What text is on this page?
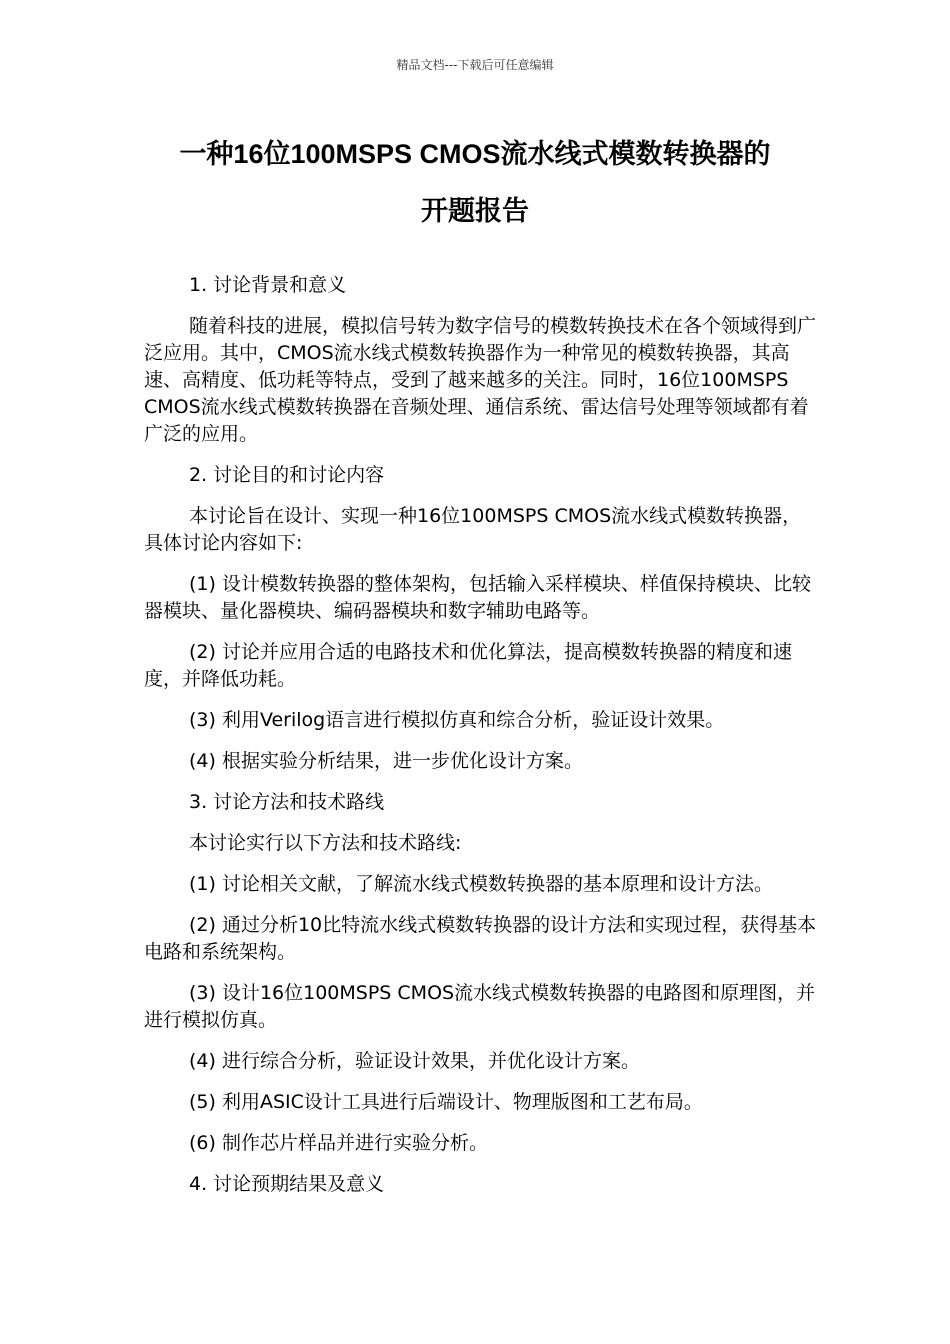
精品文档---下载后可任意编辑
一种16位100MSPS CMOS流水线式模数转换器的
开题报告

1. 讨论背景和意义

随着科技的进展，模拟信号转为数字信号的模数转换技术在各个领域得到广泛应用。其中，CMOS流水线式模数转换器作为一种常见的模数转换器，其高速、高精度、低功耗等特点，受到了越来越多的关注。同时，16位100MSPS CMOS流水线式模数转换器在音频处理、通信系统、雷达信号处理等领域都有着广泛的应用。

2. 讨论目的和讨论内容

本讨论旨在设计、实现一种16位100MSPS CMOS流水线式模数转换器，具体讨论内容如下:

(1) 设计模数转换器的整体架构，包括输入采样模块、样值保持模块、比较器模块、量化器模块、编码器模块和数字辅助电路等。

(2) 讨论并应用合适的电路技术和优化算法，提高模数转换器的精度和速度，并降低功耗。

(3) 利用Verilog语言进行模拟仿真和综合分析，验证设计效果。

(4) 根据实验分析结果，进一步优化设计方案。

3. 讨论方法和技术路线

本讨论实行以下方法和技术路线:

(1) 讨论相关文献，了解流水线式模数转换器的基本原理和设计方法。

(2) 通过分析10比特流水线式模数转换器的设计方法和实现过程，获得基本电路和系统架构。

(3) 设计16位100MSPS CMOS流水线式模数转换器的电路图和原理图，并进行模拟仿真。

(4) 进行综合分析，验证设计效果，并优化设计方案。

(5) 利用ASIC设计工具进行后端设计、物理版图和工艺布局。

(6) 制作芯片样品并进行实验分析。

4. 讨论预期结果及意义
